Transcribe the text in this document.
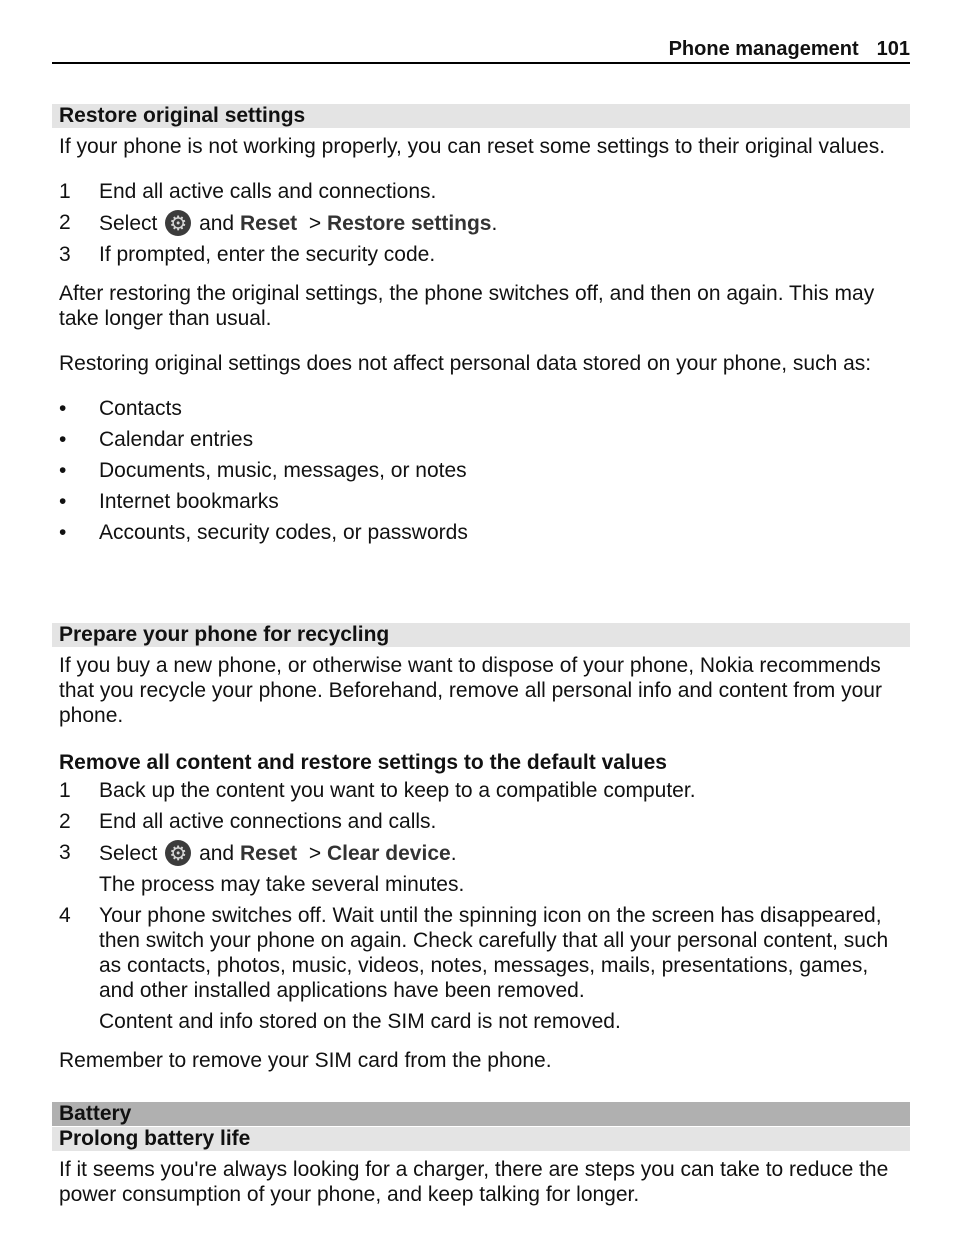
Phone management 101
Restore original settings

If your phone is not working properly, you can reset some settings to their original values.

1 End all active calls and connections.
2 Select ⚙ and Reset > Restore settings.
3 If prompted, enter the security code.

After restoring the original settings, the phone switches off, and then on again. This may take longer than usual.

Restoring original settings does not affect personal data stored on your phone, such as:

• Contacts
• Calendar entries
• Documents, music, messages, or notes
• Internet bookmarks
• Accounts, security codes, or passwords
Prepare your phone for recycling

If you buy a new phone, or otherwise want to dispose of your phone, Nokia recommends that you recycle your phone. Beforehand, remove all personal info and content from your phone.

Remove all content and restore settings to the default values
1 Back up the content you want to keep to a compatible computer.
2 End all active connections and calls.
3 Select ⚙ and Reset > Clear device.
The process may take several minutes.
4 Your phone switches off. Wait until the spinning icon on the screen has disappeared, then switch your phone on again. Check carefully that all your personal content, such as contacts, photos, music, videos, notes, messages, mails, presentations, games, and other installed applications have been removed.
Content and info stored on the SIM card is not removed.

Remember to remove your SIM card from the phone.

Battery
Prolong battery life

If it seems you're always looking for a charger, there are steps you can take to reduce the power consumption of your phone, and keep talking for longer.
